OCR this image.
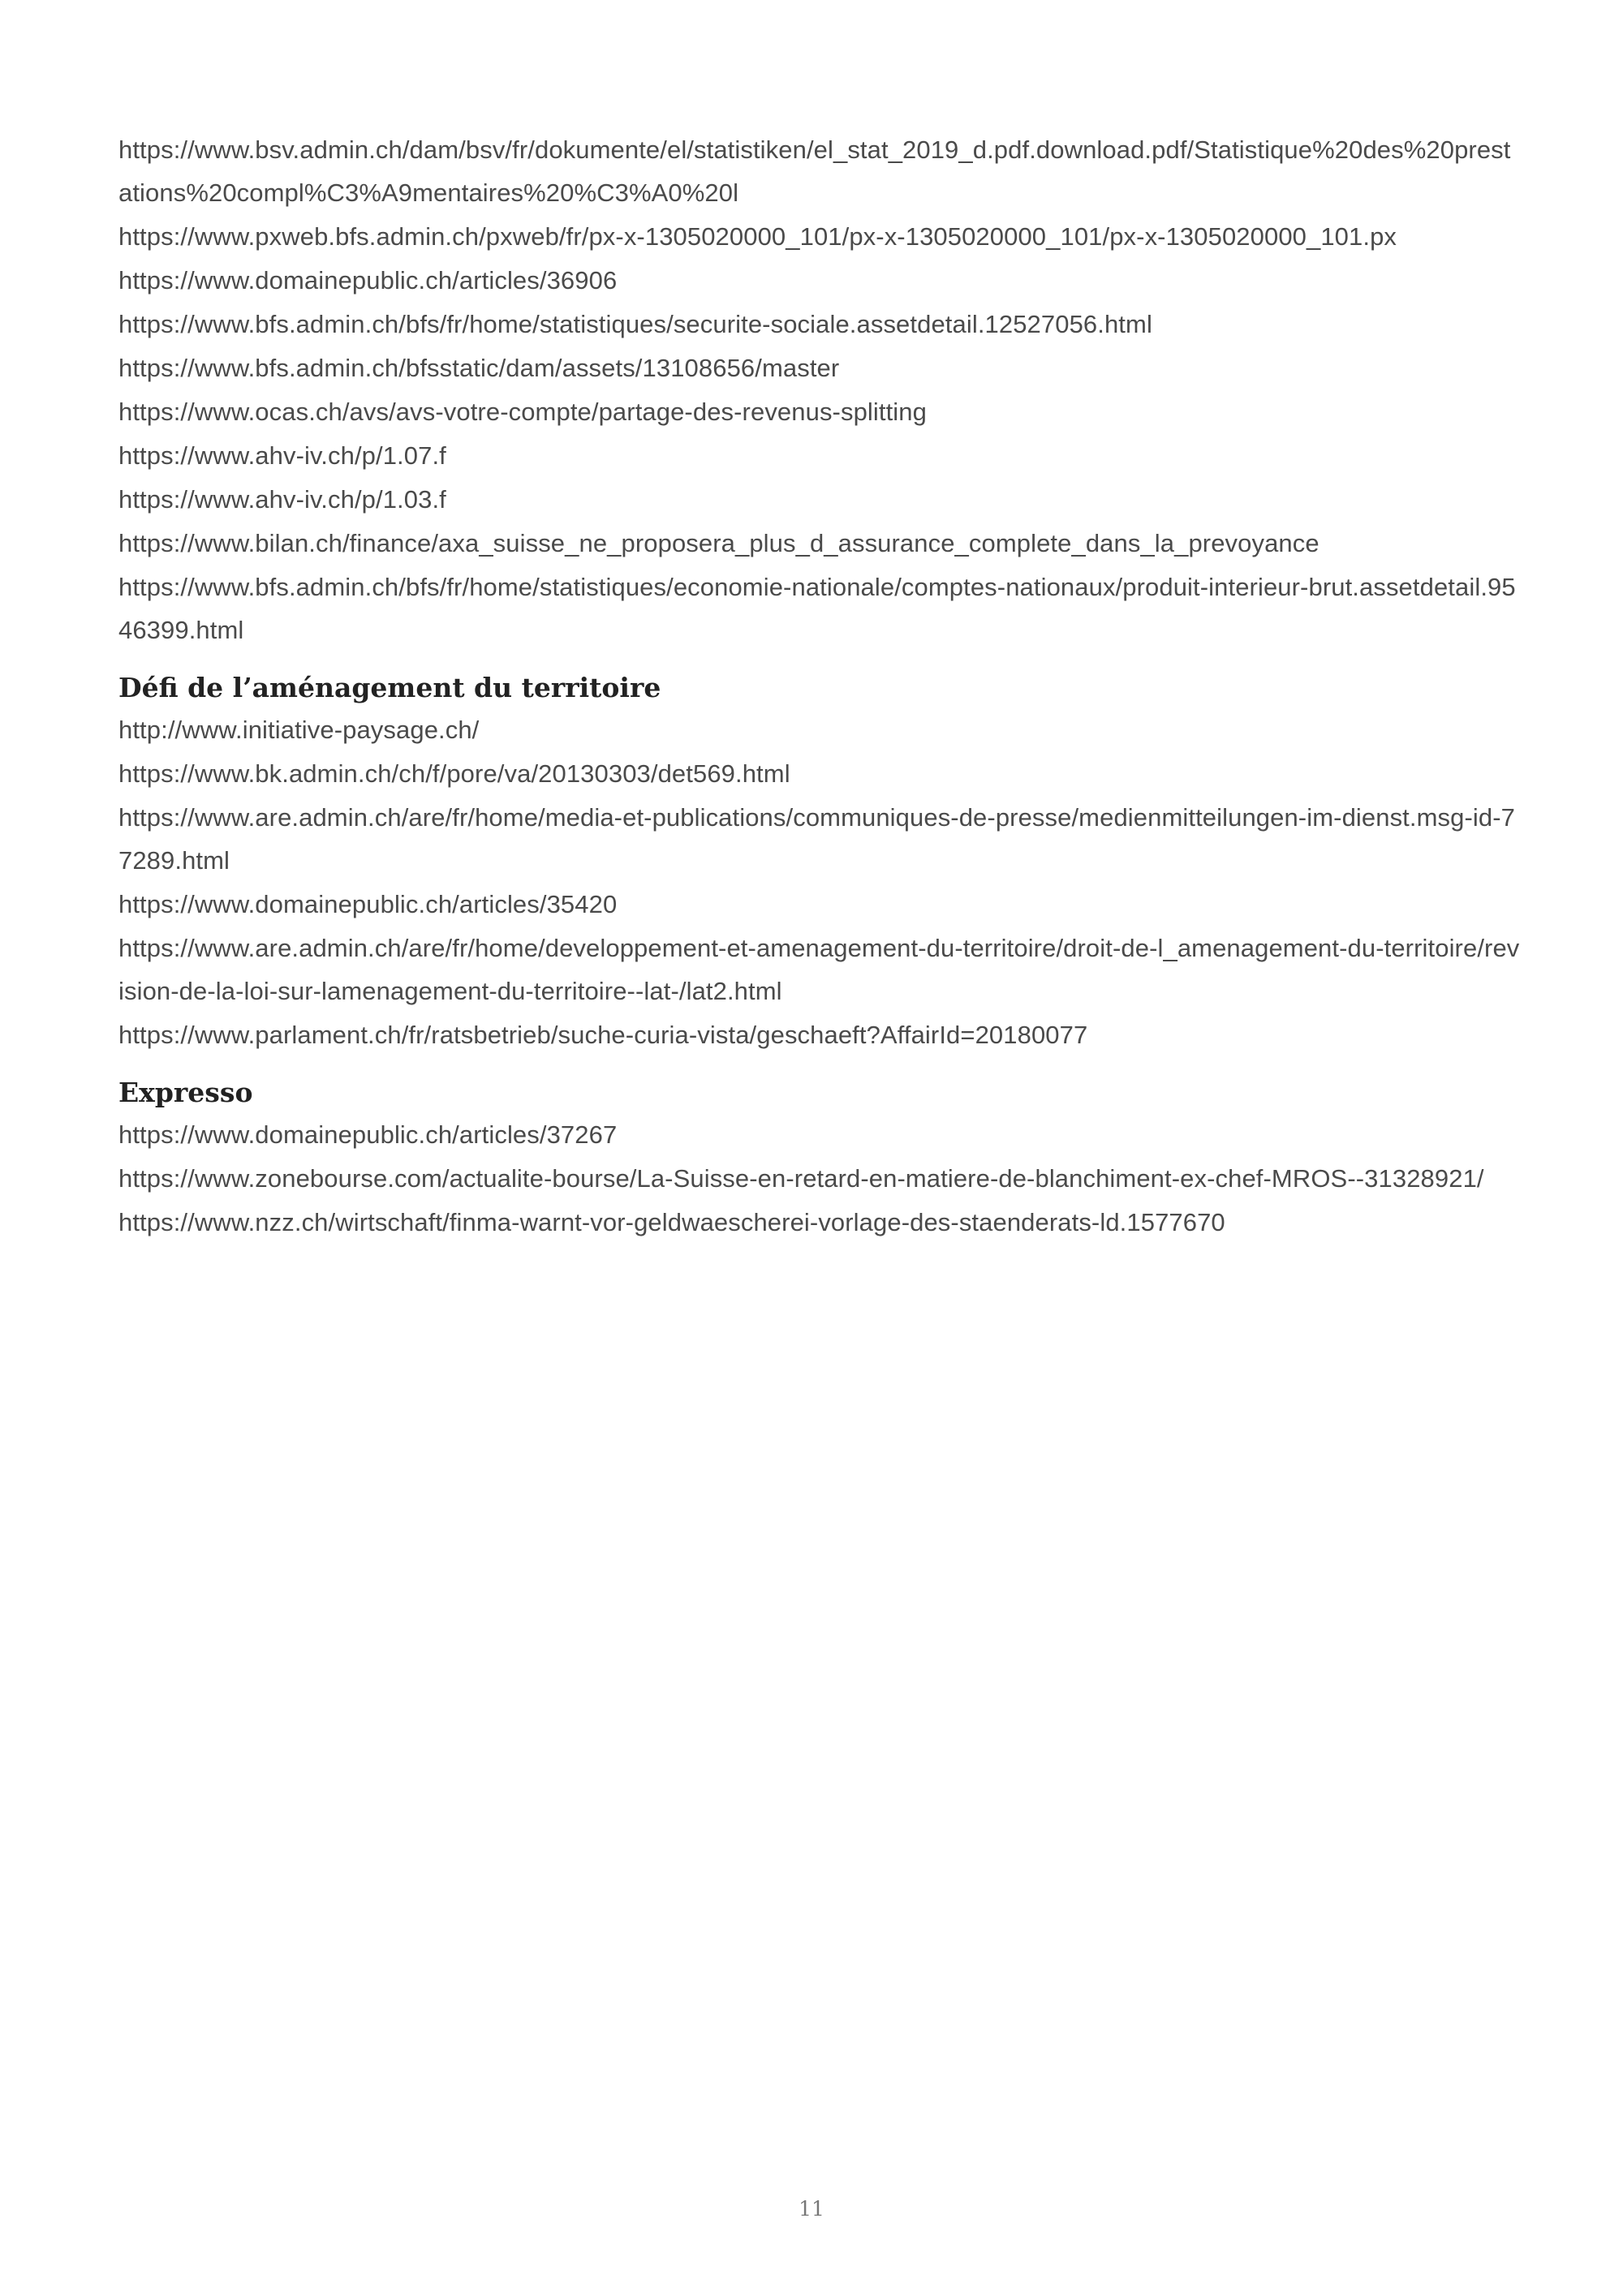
https://www.bsv.admin.ch/dam/bsv/fr/dokumente/el/statistiken/el_stat_2019_d.pdf.download.pdf/Statistique%20des%20prestations%20compl%C3%A9mentaires%20%C3%A0%20l
https://www.pxweb.bfs.admin.ch/pxweb/fr/px-x-1305020000_101/px-x-1305020000_101/px-x-1305020000_101.px
https://www.domainepublic.ch/articles/36906
https://www.bfs.admin.ch/bfs/fr/home/statistiques/securite-sociale.assetdetail.12527056.html
https://www.bfs.admin.ch/bfsstatic/dam/assets/13108656/master
https://www.ocas.ch/avs/avs-votre-compte/partage-des-revenus-splitting
https://www.ahv-iv.ch/p/1.07.f
https://www.ahv-iv.ch/p/1.03.f
https://www.bilan.ch/finance/axa_suisse_ne_proposera_plus_d_assurance_complete_dans_la_prevoyance
https://www.bfs.admin.ch/bfs/fr/home/statistiques/economie-nationale/comptes-nationaux/produit-interieur-brut.assetdetail.9546399.html
Défi de l’aménagement du territoire
http://www.initiative-paysage.ch/
https://www.bk.admin.ch/ch/f/pore/va/20130303/det569.html
https://www.are.admin.ch/are/fr/home/media-et-publications/communiques-de-presse/medienmitteilungen-im-dienst.msg-id-77289.html
https://www.domainepublic.ch/articles/35420
https://www.are.admin.ch/are/fr/home/developpement-et-amenagement-du-territoire/droit-de-l_amenagement-du-territoire/revision-de-la-loi-sur-lamenagement-du-territoire--lat-/lat2.html
https://www.parlament.ch/fr/ratsbetrieb/suche-curia-vista/geschaeft?AffairId=20180077
Expresso
https://www.domainepublic.ch/articles/37267
https://www.zonebourse.com/actualite-bourse/La-Suisse-en-retard-en-matiere-de-blanchiment-ex-chef-MROS--31328921/
https://www.nzz.ch/wirtschaft/finma-warnt-vor-geldwaescherei-vorlage-des-staenderats-ld.1577670
11
